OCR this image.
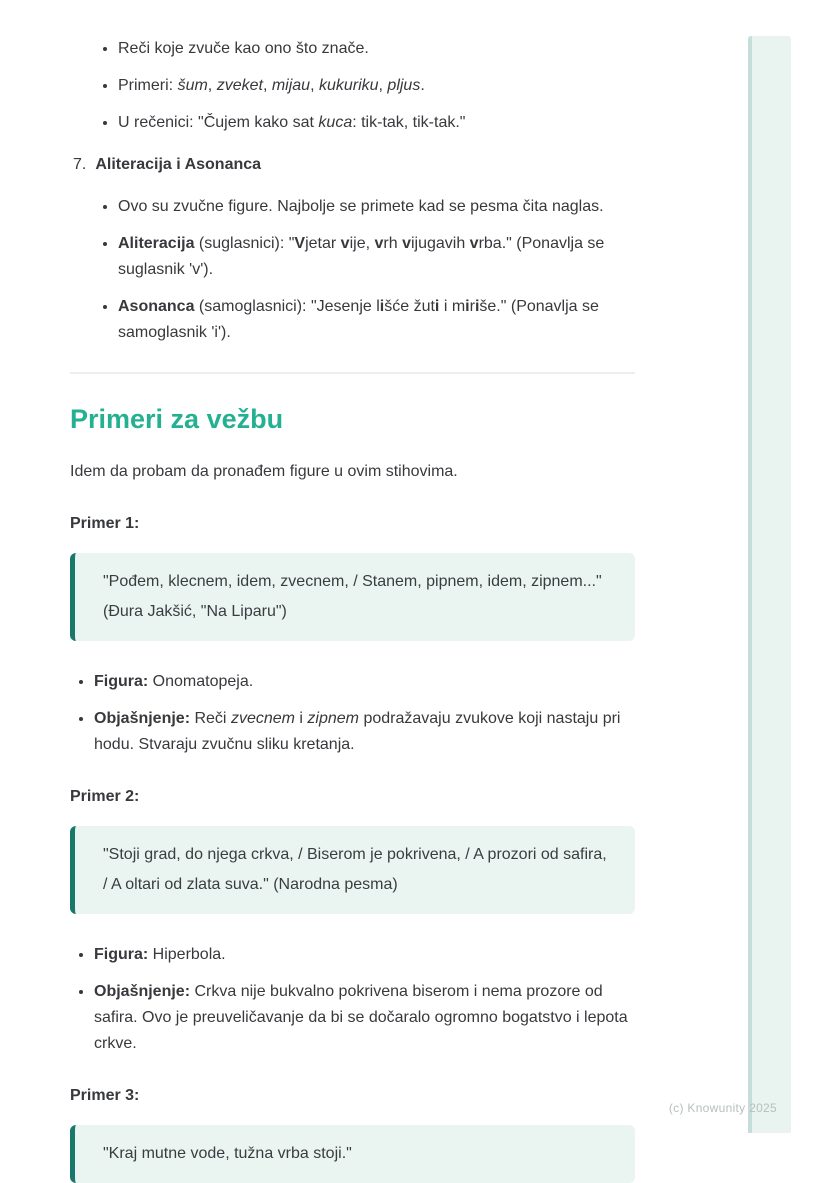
• Reči koje zvuče kao ono što znače.
• Primeri: šum, zveket, mijau, kukuriku, pljus.
• U rečenici: "Čujem kako sat kuca: tik-tak, tik-tak."
7. Aliteracija i Asonanca
• Ovo su zvučne figure. Najbolje se primete kad se pesma čita naglas.
• Aliteracija (suglasnici): "Vjetar vije, vrh vijugavih vrba." (Ponavlja se suglasnik 'v').
• Asonanca (samoglasnici): "Jesenje lišće žuti i miriše." (Ponavlja se samoglasnik 'i').
Primeri za vežbu

Idem da probam da pronađem figure u ovim stihovima.

Primer 1:

"Pođem, klecnem, idem, zvecnem, / Stanem, pipnem, idem, zipnem..." (Đura Jakšić, "Na Liparu")

• Figura: Onomatopeja.
• Objašnjenje: Reči zvecnem i zipnem podražavaju zvukove koji nastaju pri hodu. Stvaraju zvučnu sliku kretanja.

Primer 2:

"Stoji grad, do njega crkva, / Biserom je pokrivena, / A prozori od safira, / A oltari od zlata suva." (Narodna pesma)

• Figura: Hiperbola.
• Objašnjenje: Crkva nije bukvalno pokrivena biserom i nema prozore od safira. Ovo je preuveličavanje da bi se dočaralo ogromno bogatstvo i lepota crkve.

Primer 3:

"Kraj mutne vode, tužna vrba stoji."

(c) Knowunity 2025
